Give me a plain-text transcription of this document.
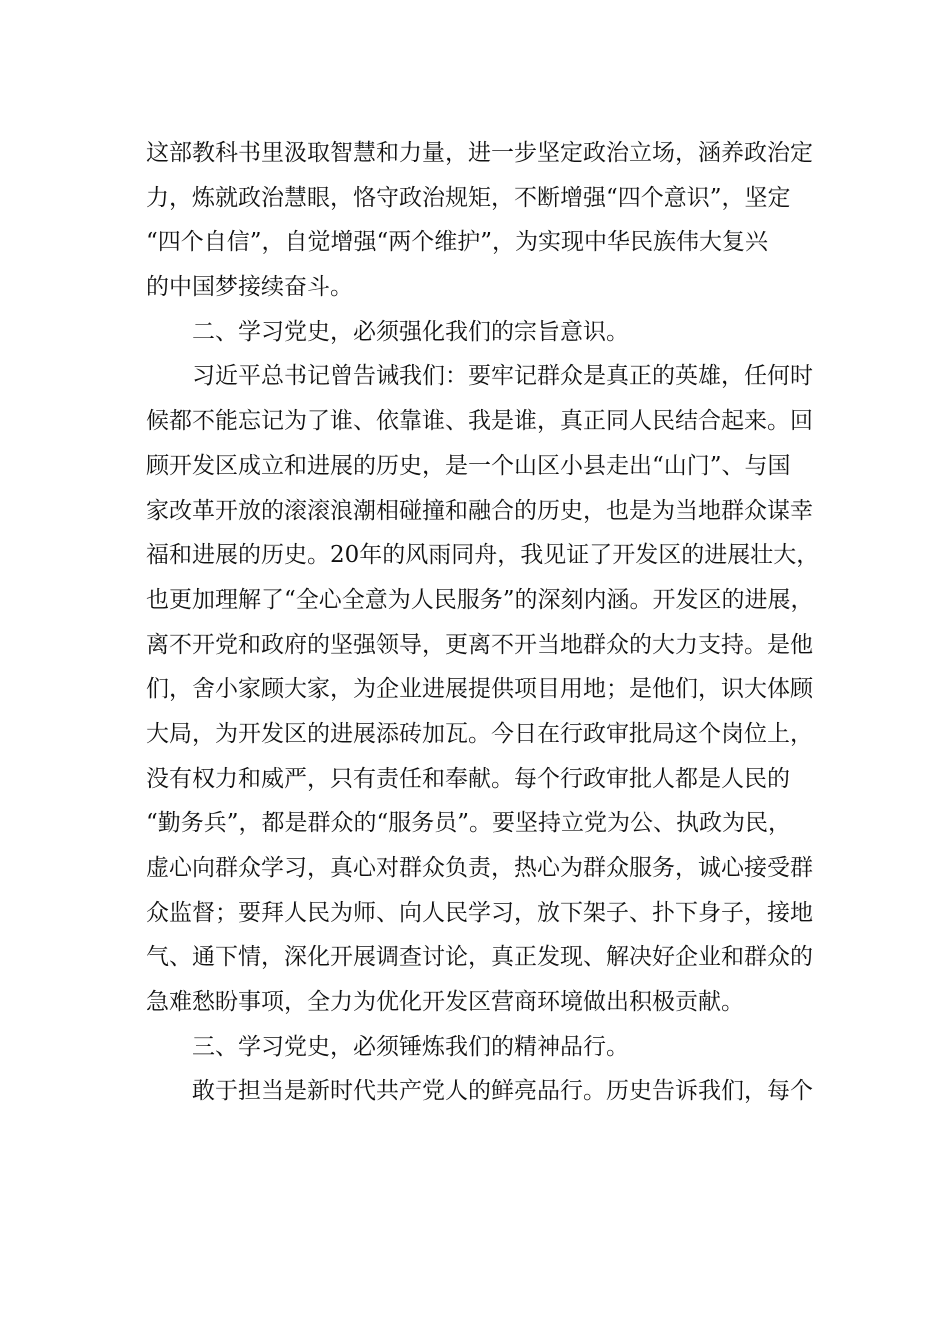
这部教科书里汲取智慧和力量，进一步坚定政治立场，涵养政治定
力，炼就政治慧眼，恪守政治规矩，不断增强“四个意识”，坚定
“四个自信”，自觉增强“两个维护”，为实现中华民族伟大复兴
的中国梦接续奋斗。
　　二、学习党史，必须强化我们的宗旨意识。
　　习近平总书记曾告诫我们：要牢记群众是真正的英雄，任何时
候都不能忘记为了谁、依靠谁、我是谁，真正同人民结合起来。回
顾开发区成立和进展的历史，是一个山区小县走出“山门”、与国
家改革开放的滚滚浪潮相碰撞和融合的历史，也是为当地群众谋幸
福和进展的历史。20年的风雨同舟，我见证了开发区的进展壮大，
也更加理解了“全心全意为人民服务”的深刻内涵。开发区的进展，
离不开党和政府的坚强领导，更离不开当地群众的大力支持。是他
们，舍小家顾大家，为企业进展提供项目用地；是他们，识大体顾
大局，为开发区的进展添砖加瓦。今日在行政审批局这个岗位上，
没有权力和威严，只有责任和奉献。每个行政审批人都是人民的
“勤务兵”，都是群众的“服务员”。要坚持立党为公、执政为民，
虚心向群众学习，真心对群众负责，热心为群众服务，诚心接受群
众监督；要拜人民为师、向人民学习，放下架子、扑下身子，接地
气、通下情，深化开展调查讨论，真正发现、解决好企业和群众的
急难愁盼事项，全力为优化开发区营商环境做出积极贡献。
　　三、学习党史，必须锤炼我们的精神品行。
　　敢于担当是新时代共产党人的鲜亮品行。历史告诉我们，每个
